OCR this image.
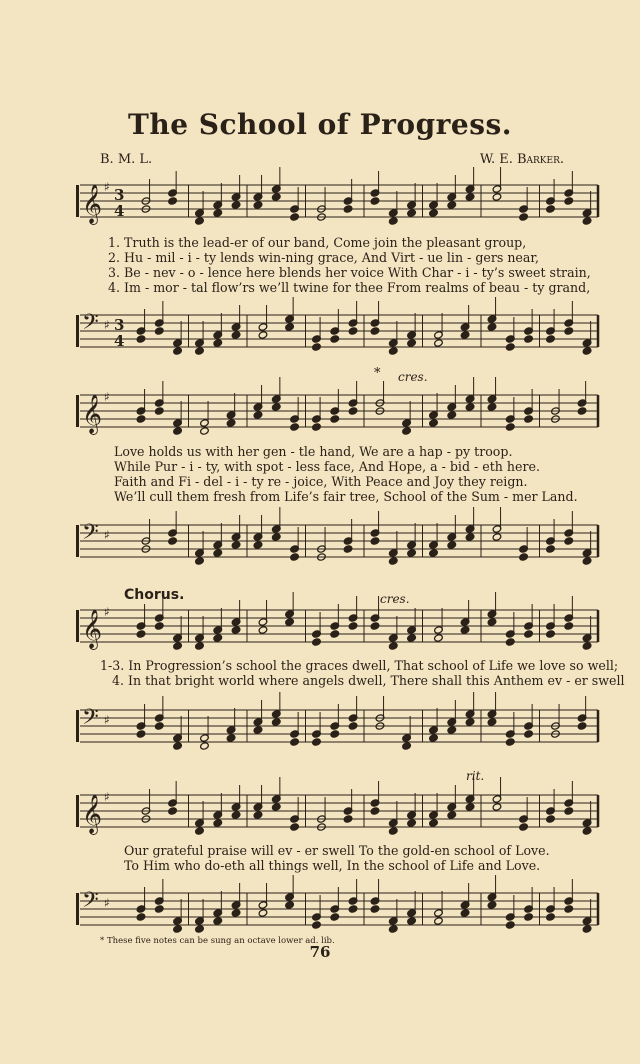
The School of Progress.
B. M. L.	W. E. Barker.
𝄞 ♯ 3
4
1. Truth is the lead-er of our band, Come join the pleasant group,
2. Hu - mil - i - ty lends win-ning grace, And Virt - ue lin - gers near,
3. Be - nev - o - lence here blends her voice With Char - i - ty’s sweet strain,
4. Im - mor - tal flow’rs we’ll twine for thee From realms of beau - ty grand,
𝄢 ♯ 3
4
* cres.
𝄞 ♯
Love holds us with her gen - tle hand, We are a hap - py troop.
While Pur - i - ty, with spot - less face, And Hope, a - bid - eth here.
Faith and Fi - del - i - ty re - joice, With Peace and Joy they reign.
We’ll cull them fresh from Life’s fair tree, School of the Sum - mer Land.
𝄢 ♯
Chorus.	cres.
𝄞 ♯
1-3. In Progression’s school the graces dwell, That school of Life we love so well;
4. In that bright world where angels dwell, There shall this Anthem ev - er swell
𝄢 ♯
rit.
𝄞 ♯
Our grateful praise will ev - er swell To the gold-en school of Love.
To Him who do-eth all things well, In the school of Life and Love.
𝄢 ♯
* These five notes can be sung an octave lower ad. lib.
76
